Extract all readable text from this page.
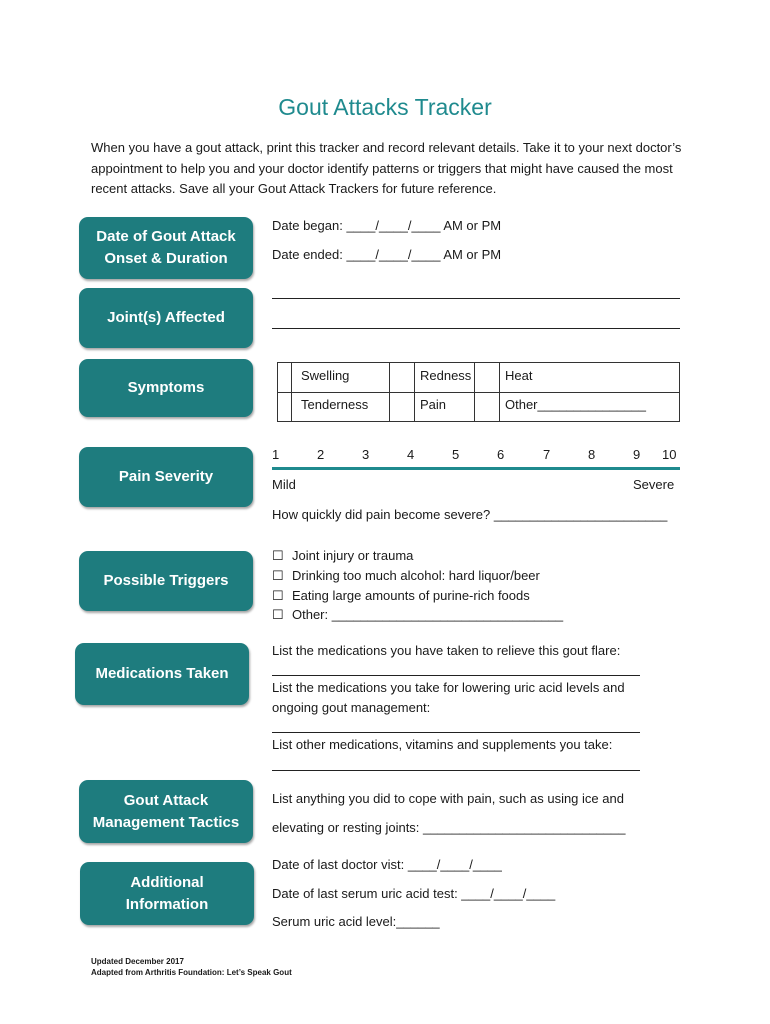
Gout Attacks Tracker
When you have a gout attack, print this tracker and record relevant details. Take it to your next doctor’s appointment to help you and your doctor identify patterns or triggers that might have caused the most recent attacks. Save all your Gout Attack Trackers for future reference.
Date of Gout Attack
Onset & Duration
Date began: ____/____/____ AM or PM
Date ended: ____/____/____ AM or PM
Joint(s) Affected
Symptoms
Swelling	Redness	Heat
Tenderness	Pain	Other_______________
Pain Severity
1	2	3	4	5	6	7	8	9 10
Mild	Severe
How quickly did pain become severe? ________________________
Possible Triggers
☐ Joint injury or trauma
☐ Drinking too much alcohol: hard liquor/beer
☐ Eating large amounts of purine-rich foods
☐ Other: ________________________________
Medications Taken
List the medications you have taken to relieve this gout flare:
List the medications you take for lowering uric acid levels and
ongoing gout management:
List other medications, vitamins and supplements you take:
Gout Attack
Management Tactics
List anything you did to cope with pain, such as using ice and
elevating or resting joints: ____________________________
Additional
Information
Date of last doctor vist: ____/____/____
Date of last serum uric acid test: ____/____/____
Serum uric acid level:______
Updated December 2017
Adapted from Arthritis Foundation: Let’s Speak Gout
